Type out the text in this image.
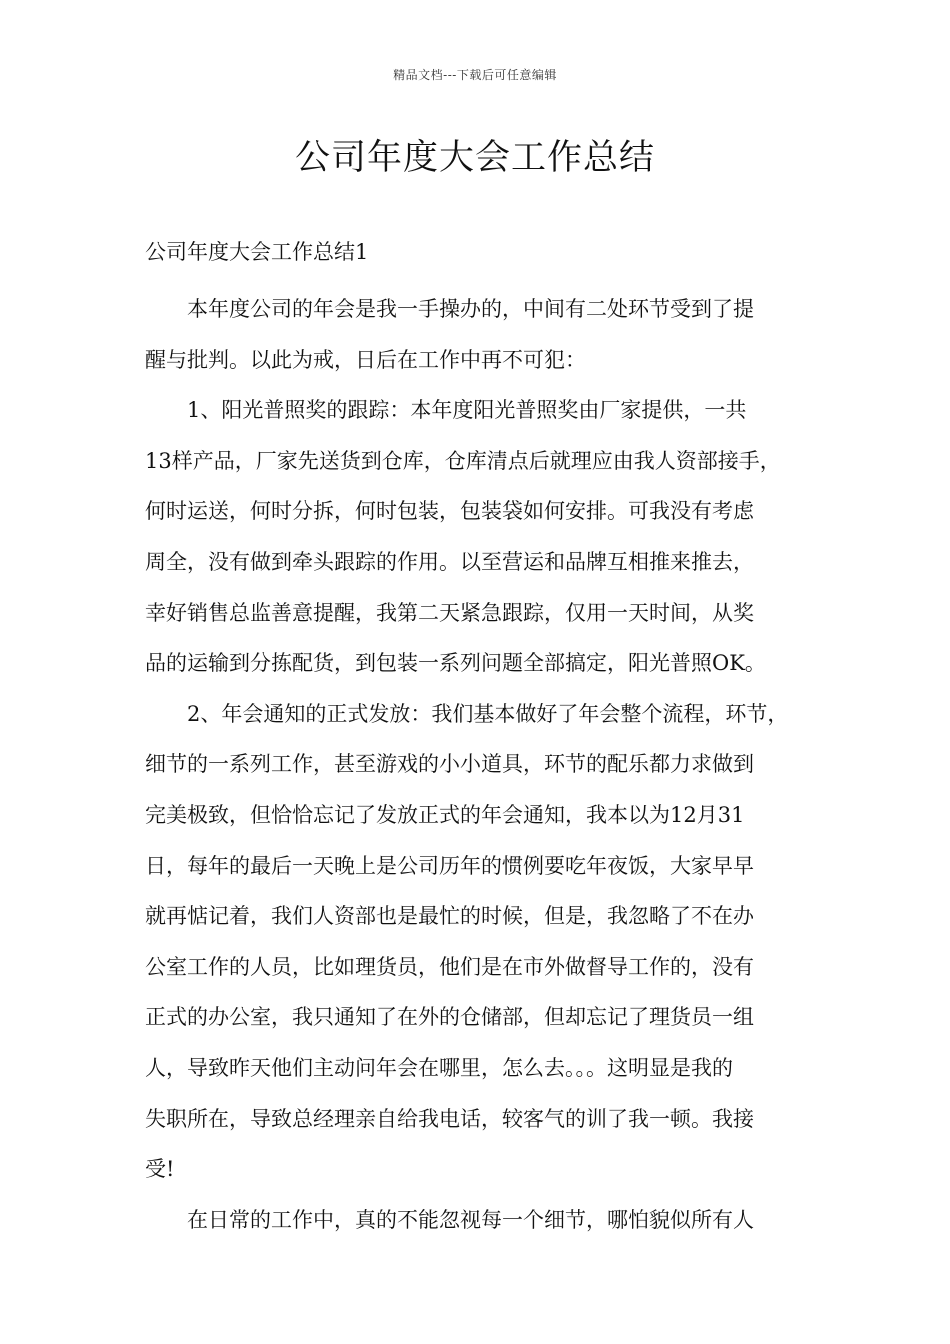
精品文档---下载后可任意编辑
公司年度大会工作总结
公司年度大会工作总结1
本年度公司的年会是我一手操办的，中间有二处环节受到了提
醒与批判。以此为戒，日后在工作中再不可犯：
1、阳光普照奖的跟踪：本年度阳光普照奖由厂家提供，一共
13样产品，厂家先送货到仓库，仓库清点后就理应由我人资部接手，
何时运送，何时分拆，何时包装，包装袋如何安排。可我没有考虑
周全，没有做到牵头跟踪的作用。以至营运和品牌互相推来推去，
幸好销售总监善意提醒，我第二天紧急跟踪，仅用一天时间，从奖
品的运输到分拣配货，到包装一系列问题全部搞定，阳光普照OK。
2、年会通知的正式发放：我们基本做好了年会整个流程，环节，
细节的一系列工作，甚至游戏的小小道具，环节的配乐都力求做到
完美极致，但恰恰忘记了发放正式的年会通知，我本以为12月31
日，每年的最后一天晚上是公司历年的惯例要吃年夜饭，大家早早
就再惦记着，我们人资部也是最忙的时候，但是，我忽略了不在办
公室工作的人员，比如理货员，他们是在市外做督导工作的，没有
正式的办公室，我只通知了在外的仓储部，但却忘记了理货员一组
人，导致昨天他们主动问年会在哪里，怎么去。。。这明显是我的
失职所在，导致总经理亲自给我电话，较客气的训了我一顿。我接
受!
在日常的工作中，真的不能忽视每一个细节，哪怕貌似所有人
